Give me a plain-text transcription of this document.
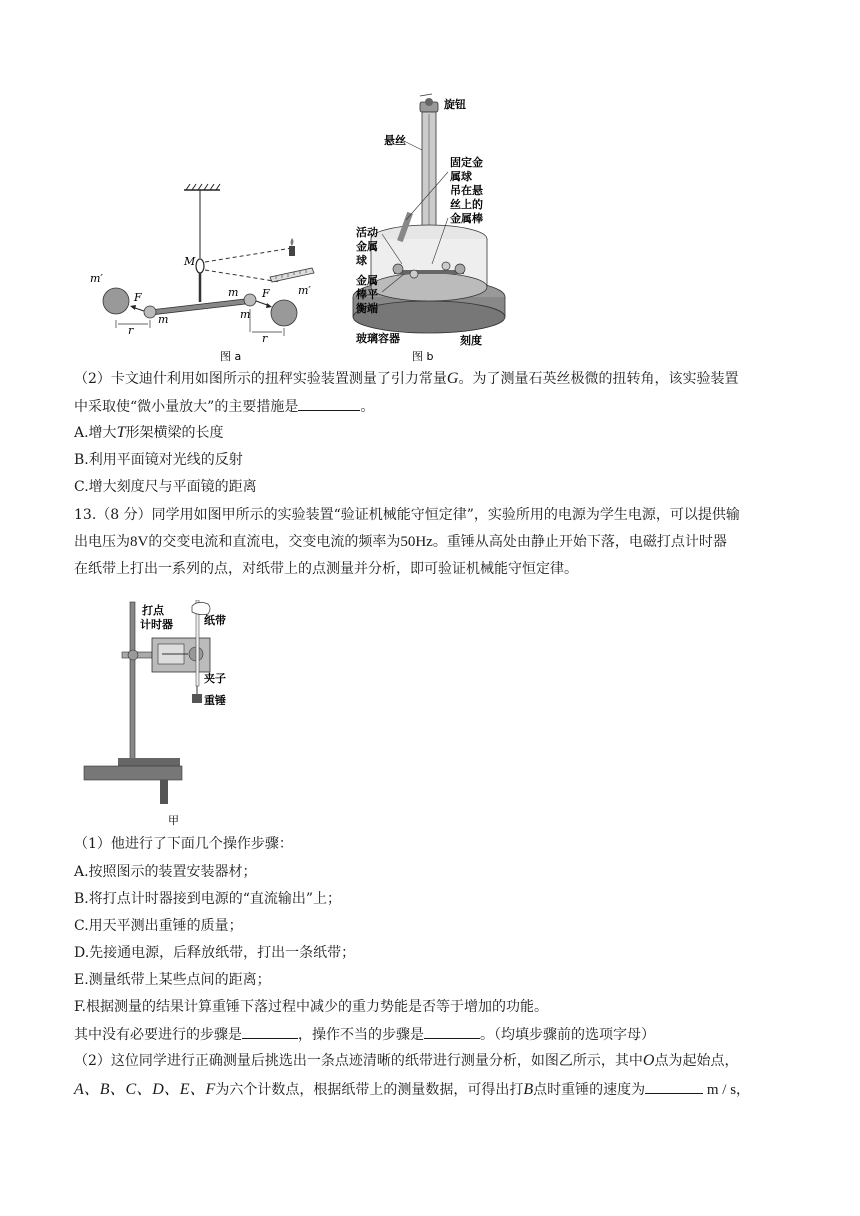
M
m′
m′
F	F
m
m
m
r
r
图 a
旋钮
悬丝
固定金
属球
吊在悬
丝上的
金属棒
活动
金属
球
金属
棒平
衡端
玻璃容器	刻度
图 b
（2）卡文迪什利用如图所示的扭秤实验装置测量了引力常量G。为了测量石英丝极微的扭转角，该实验装置
中采取使“微小量放大”的主要措施是	。
A.增大T形架横梁的长度
B.利用平面镜对光线的反射
C.增大刻度尺与平面镜的距离
13.（8 分）同学用如图甲所示的实验装置“验证机械能守恒定律”，实验所用的电源为学生电源，可以提供输
出电压为8V的交变电流和直流电，交变电流的频率为50Hz。重锤从高处由静止开始下落，电磁打点计时器
在纸带上打出一系列的点，对纸带上的点测量并分析，即可验证机械能守恒定律。
打点
计时器	纸带
夹子
重锤
甲
（1）他进行了下面几个操作步骤：
A.按照图示的装置安装器材；
B.将打点计时器接到电源的“直流输出”上；
C.用天平测出重锤的质量；
D.先接通电源，后释放纸带，打出一条纸带；
E.测量纸带上某些点间的距离；
F.根据测量的结果计算重锤下落过程中减少的重力势能是否等于增加的功能。
其中没有必要进行的步骤是	，操作不当的步骤是	。（均填步骤前的选项字母）
（2）这位同学进行正确测量后挑选出一条点迹清晰的纸带进行测量分析，如图乙所示，其中O点为起始点，
A、B、C、D、E、F为六个计数点，根据纸带上的测量数据，可得出打B点时重锤的速度为	m / s，
